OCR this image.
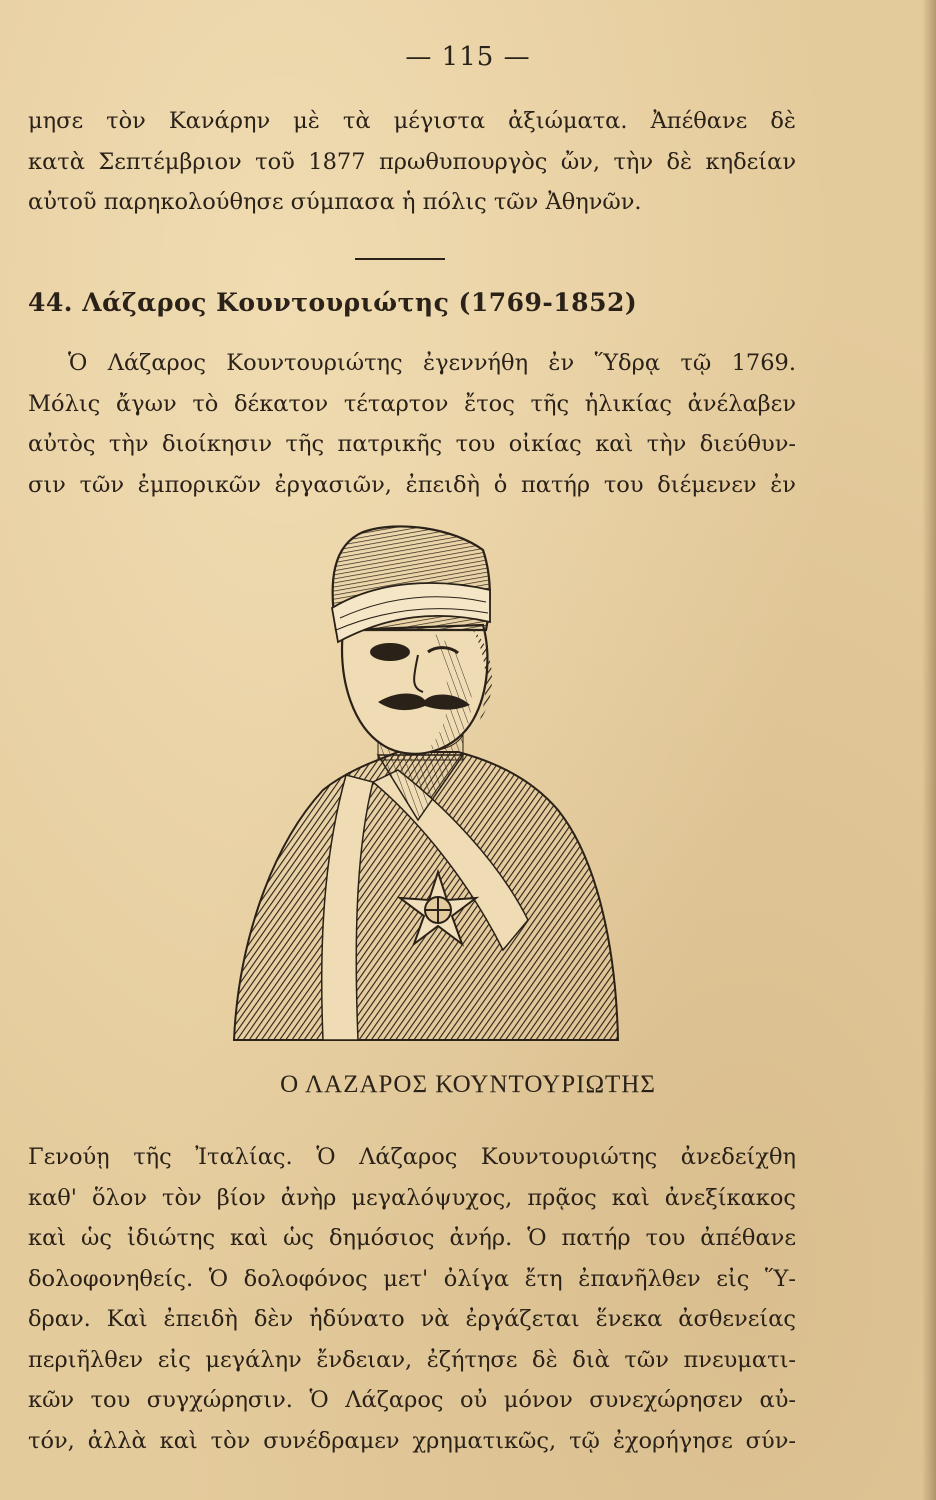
— 115 —
μησε τὸν Κανάρην μὲ τὰ μέγιστα ἀξιώματα. Ἀπέθανε δὲ
κατὰ Σεπτέμβριον τοῦ 1877 πρωθυπουργὸς ὤν, τὴν δὲ κηδείαν
αὐτοῦ παρηκολούθησε σύμπασα ἡ πόλις τῶν Ἀθηνῶν.
44. Λάζαρος Κουντουριώτης (1769-1852)
Ὁ Λάζαρος Κουντουριώτης ἐγεννήθη ἐν Ὕδρᾳ τῷ 1769.
Μόλις ἄγων τὸ δέκατον τέταρτον ἔτος τῆς ἡλικίας ἀνέλαβεν
αὐτὸς τὴν διοίκησιν τῆς πατρικῆς του οἰκίας καὶ τὴν διεύθυν-
σιν τῶν ἐμπορικῶν ἐργασιῶν, ἐπειδὴ ὁ πατήρ του διέμενεν ἐν
Ο ΛΑΖΑΡΟΣ ΚΟΥΝΤΟΥΡΙΩΤΗΣ
Γενούῃ τῆς Ἰταλίας. Ὁ Λάζαρος Κουντουριώτης ἀνεδείχθη
καθ' ὅλον τὸν βίον ἀνὴρ μεγαλόψυχος, πρᾷος καὶ ἀνεξίκακος
καὶ ὡς ἰδιώτης καὶ ὡς δημόσιος ἀνήρ. Ὁ πατήρ του ἀπέθανε
δολοφονηθείς. Ὁ δολοφόνος μετ' ὀλίγα ἔτη ἐπανῆλθεν εἰς Ὕ-
δραν. Καὶ ἐπειδὴ δὲν ἠδύνατο νὰ ἐργάζεται ἕνεκα ἀσθενείας
περιῆλθεν εἰς μεγάλην ἔνδειαν, ἐζήτησε δὲ διὰ τῶν πνευματι-
κῶν του συγχώρησιν. Ὁ Λάζαρος οὐ μόνον συνεχώρησεν αὐ-
τόν, ἀλλὰ καὶ τὸν συνέδραμεν χρηματικῶς, τῷ ἐχορήγησε σύν-
